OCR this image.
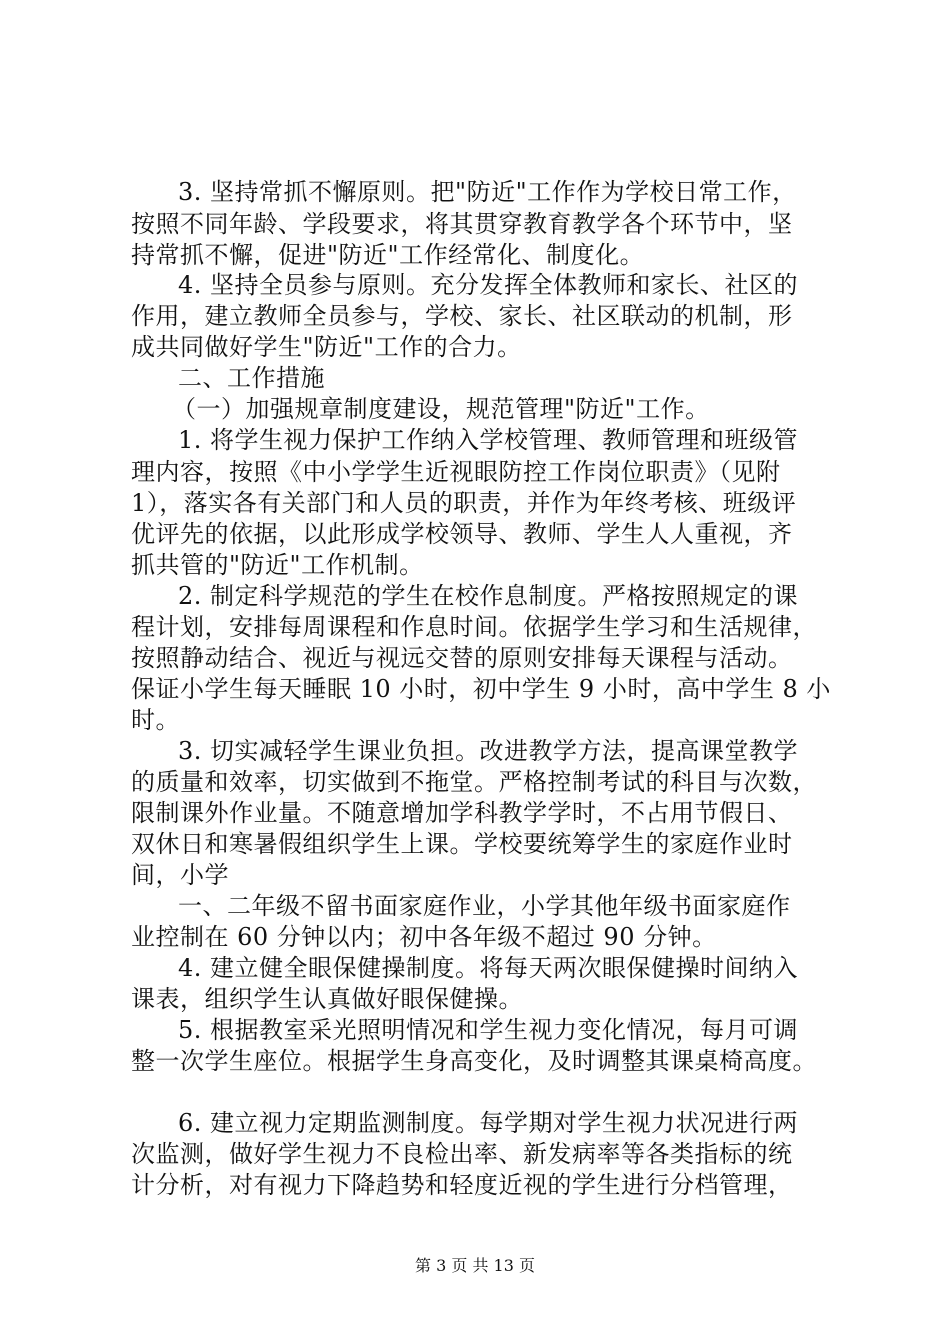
3. 坚持常抓不懈原则。把"防近"工作作为学校日常工作，
按照不同年龄、学段要求，将其贯穿教育教学各个环节中，坚
持常抓不懈，促进"防近"工作经常化、制度化。
4. 坚持全员参与原则。充分发挥全体教师和家长、社区的
作用，建立教师全员参与，学校、家长、社区联动的机制，形
成共同做好学生"防近"工作的合力。
二、工作措施
（一）加强规章制度建设，规范管理"防近"工作。
1. 将学生视力保护工作纳入学校管理、教师管理和班级管
理内容，按照《中小学学生近视眼防控工作岗位职责》（见附
1），落实各有关部门和人员的职责，并作为年终考核、班级评
优评先的依据，以此形成学校领导、教师、学生人人重视，齐
抓共管的"防近"工作机制。
2. 制定科学规范的学生在校作息制度。严格按照规定的课
程计划，安排每周课程和作息时间。依据学生学习和生活规律，
按照静动结合、视近与视远交替的原则安排每天课程与活动。
保证小学生每天睡眠 10 小时，初中学生 9 小时，高中学生 8 小
时。
3. 切实减轻学生课业负担。改进教学方法，提高课堂教学
的质量和效率，切实做到不拖堂。严格控制考试的科目与次数，
限制课外作业量。不随意增加学科教学学时，不占用节假日、
双休日和寒暑假组织学生上课。学校要统筹学生的家庭作业时
间，小学
一、二年级不留书面家庭作业，小学其他年级书面家庭作
业控制在 60 分钟以内；初中各年级不超过 90 分钟。
4. 建立健全眼保健操制度。将每天两次眼保健操时间纳入
课表，组织学生认真做好眼保健操。
5. 根据教室采光照明情况和学生视力变化情况，每月可调
整一次学生座位。根据学生身高变化，及时调整其课桌椅高度。
6. 建立视力定期监测制度。每学期对学生视力状况进行两
次监测，做好学生视力不良检出率、新发病率等各类指标的统
计分析，对有视力下降趋势和轻度近视的学生进行分档管理，
第 3 页 共 13 页
